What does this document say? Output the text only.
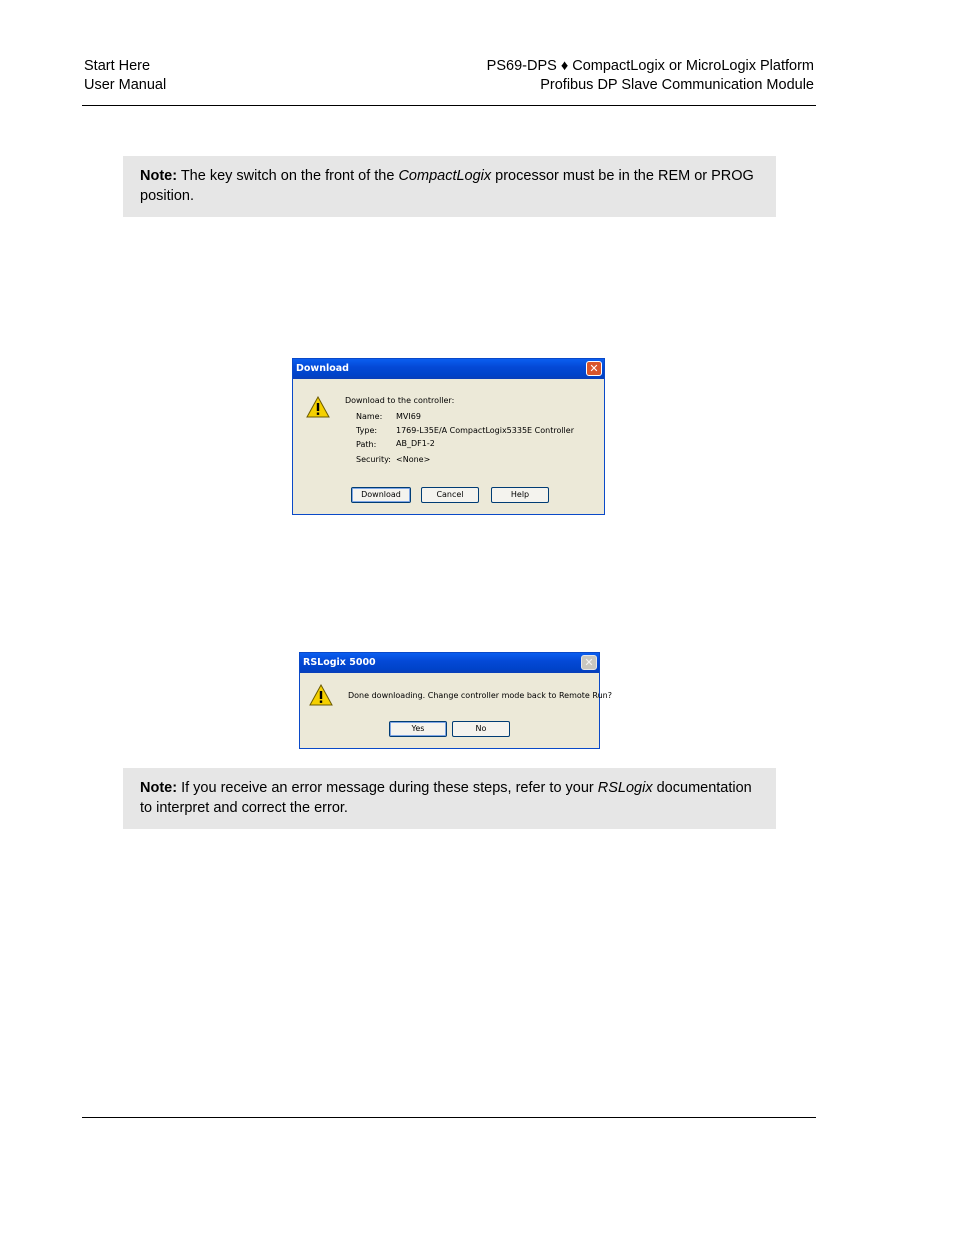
Start Here
User Manual
PS69-DPS ♦ CompactLogix or MicroLogix Platform
Profibus DP Slave Communication Module
Note: The key switch on the front of the CompactLogix processor must be in the REM or PROG position.
Download	✕
Download to the controller:
Name: MVI69
Type: 1769-L35E/A CompactLogix5335E Controller
Path: AB_DF1-2
Security: <None>
Download	Cancel	Help
RSLogix 5000	✕
Done downloading. Change controller mode back to Remote Run?
Yes	No
Note: If you receive an error message during these steps, refer to your RSLogix documentation to interpret and correct the error.
